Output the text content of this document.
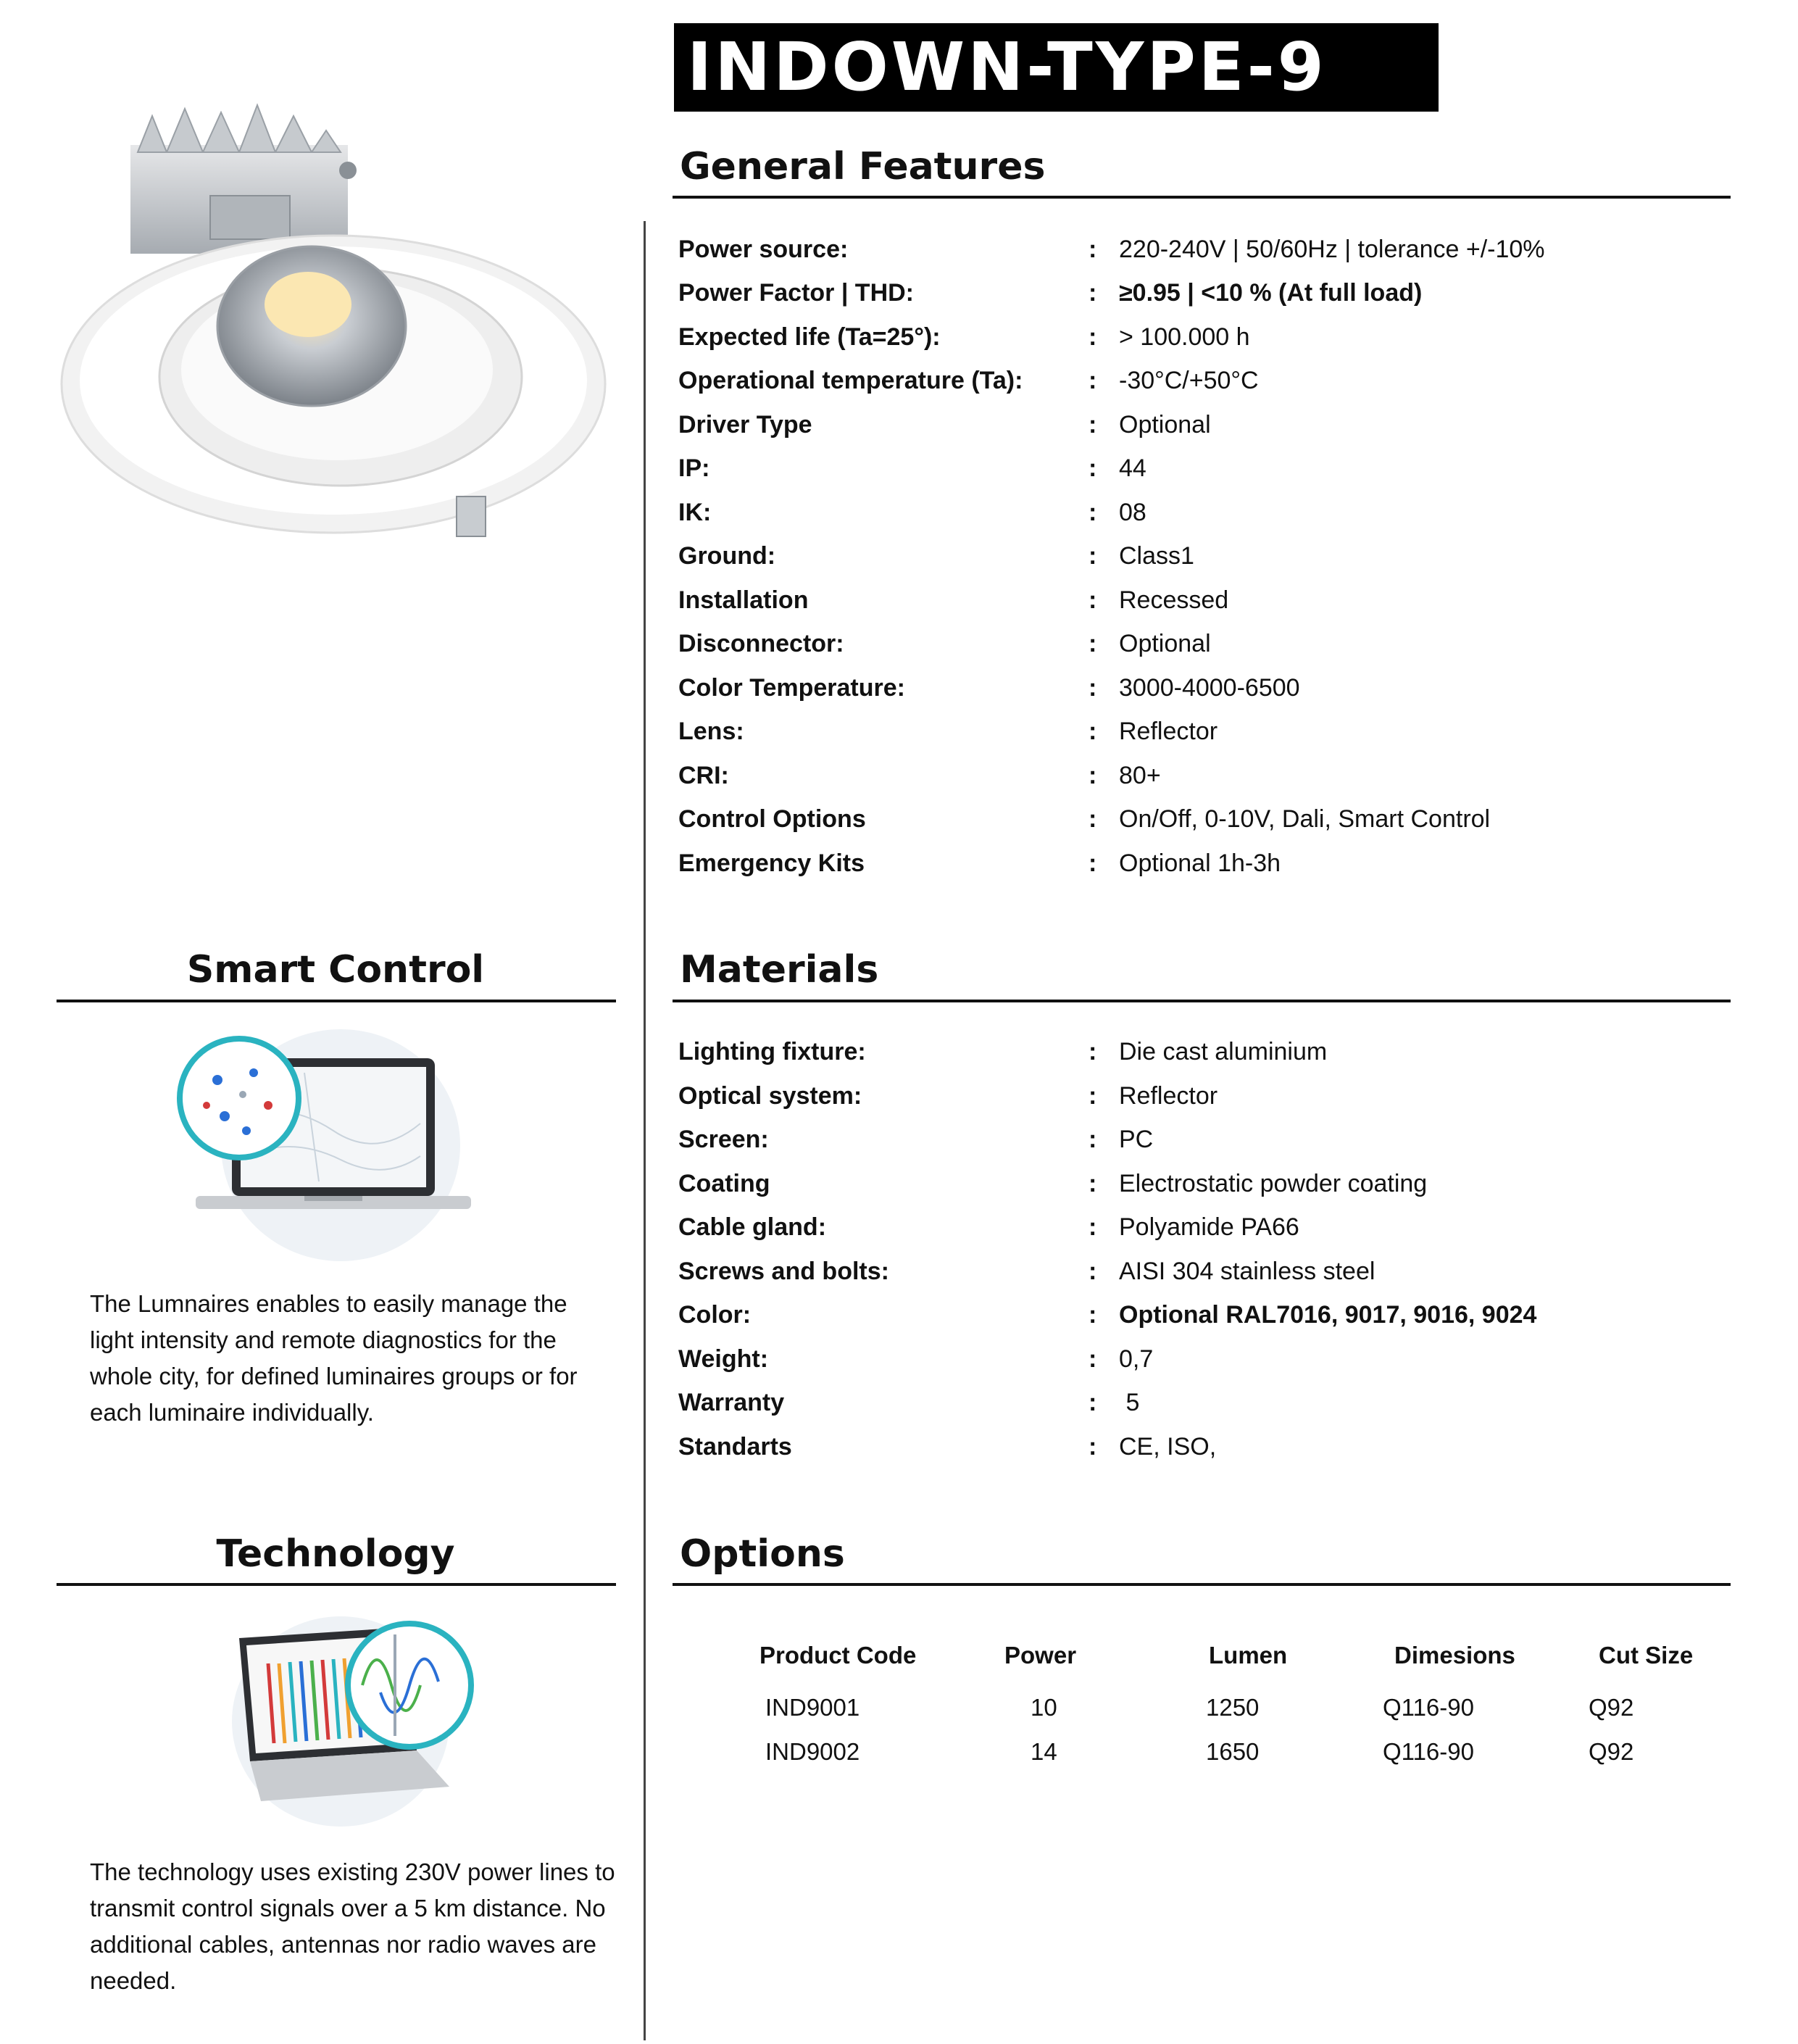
INDOWN-TYPE-9
General Features
Power source:	: 220-240V | 50/60Hz | tolerance +/-10%
Power Factor | THD:	: ≥0.95 | <10 % (At full load)
Expected life (Ta=25°):	: > 100.000 h
Operational temperature (Ta):	: -30°C/+50°C
Driver Type	: Optional
IP:	: 44
IK:	: 08
Ground:	: Class1
Installation	: Recessed
Disconnector:	: Optional
Color Temperature:	: 3000-4000-6500
Lens:	: Reflector
CRI:	: 80+
Control Options	: On/Off, 0-10V, Dali, Smart Control
Emergency Kits	: Optional 1h-3h
Smart Control
The Lumnaires enables to easily manage the light intensity and remote diagnostics for the whole city, for defined luminaires groups or for each luminaire individually.
Materials
Lighting fixture:	: Die cast aluminium
Optical system:	: Reflector
Screen:	: PC
Coating	: Electrostatic powder coating
Cable gland:	: Polyamide PA66
Screws and bolts:	: AISI 304 stainless steel
Color:	: Optional RAL7016, 9017, 9016, 9024
Weight:	: 0,7
Warranty	: 5
Standarts	: CE, ISO,
Technology
The technology uses existing 230V power lines to transmit control signals over a 5 km distance. No additional cables, antennas nor radio waves are needed.
Options
Product Code	Power	Lumen	Dimesions	Cut Size
IND9001	10	1250	Q116-90	Q92
IND9002	14	1650	Q116-90	Q92
